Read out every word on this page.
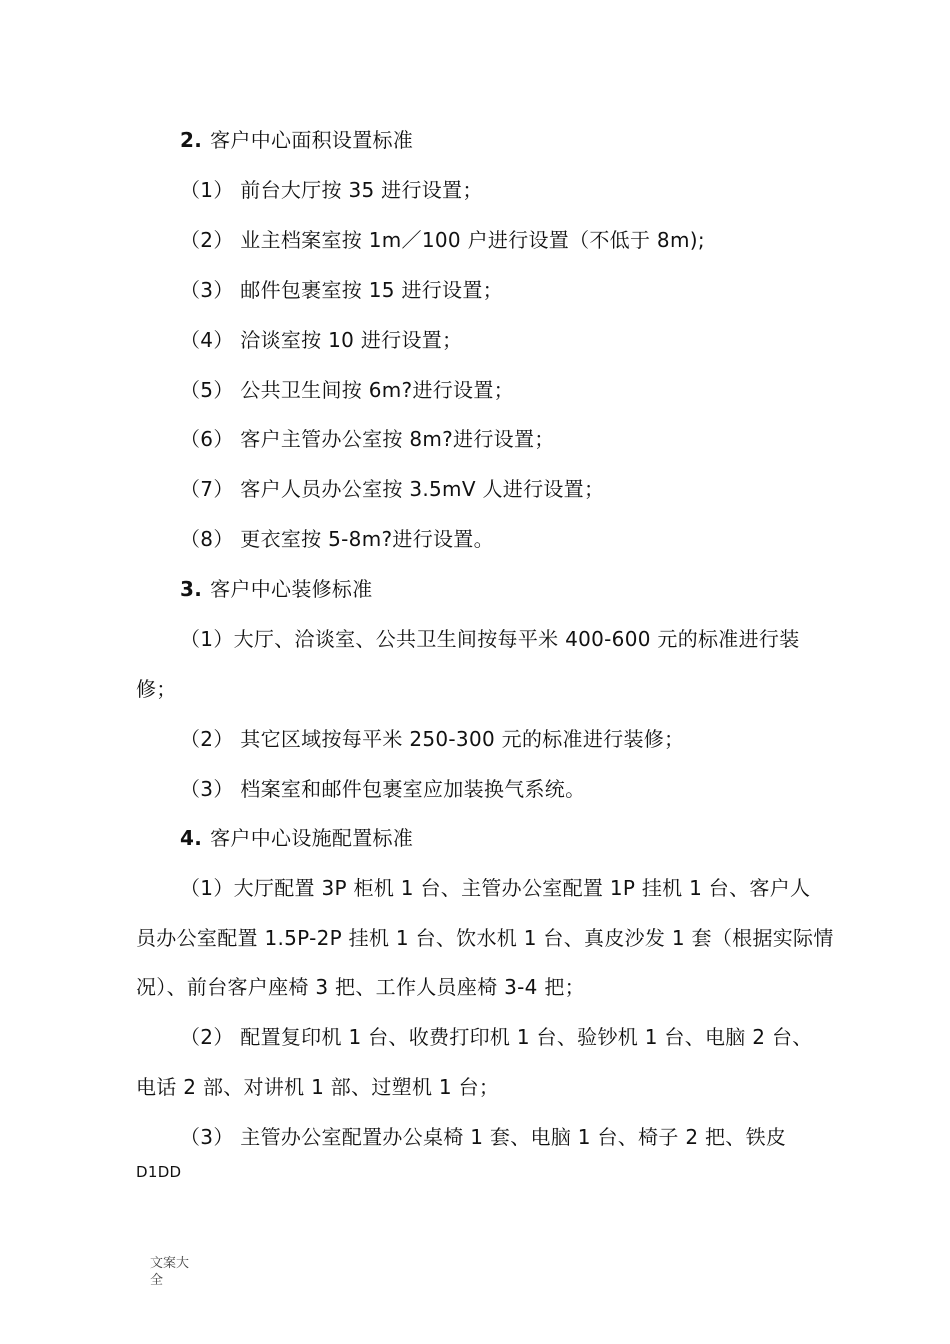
2. 客户中心面积设置标准
（1） 前台大厅按 35 进行设置；
（2） 业主档案室按 1m／100 户进行设置（不低于 8m);
（3） 邮件包裹室按 15 进行设置；
（4） 洽谈室按 10 进行设置；
（5） 公共卫生间按 6m?进行设置；
（6） 客户主管办公室按 8m?进行设置；
（7） 客户人员办公室按 3.5mV 人进行设置；
（8） 更衣室按 5-8m?进行设置。
3. 客户中心装修标准
（1）大厅、洽谈室、公共卫生间按每平米 400-600 元的标准进行装
修；
（2） 其它区域按每平米 250-300 元的标准进行装修；
（3） 档案室和邮件包裹室应加装换气系统。
4. 客户中心设施配置标准
（1）大厅配置 3P 柜机 1 台、主管办公室配置 1P 挂机 1 台、客户人
员办公室配置 1.5P-2P 挂机 1 台、饮水机 1 台、真皮沙发 1 套（根据实际情
况）、前台客户座椅 3 把、工作人员座椅 3-4 把；
（2） 配置复印机 1 台、收费打印机 1 台、验钞机 1 台、电脑 2 台、
电话 2 部、对讲机 1 部、过塑机 1 台；
（3） 主管办公室配置办公桌椅 1 套、电脑 1 台、椅子 2 把、铁皮
D1DD
文案大全
